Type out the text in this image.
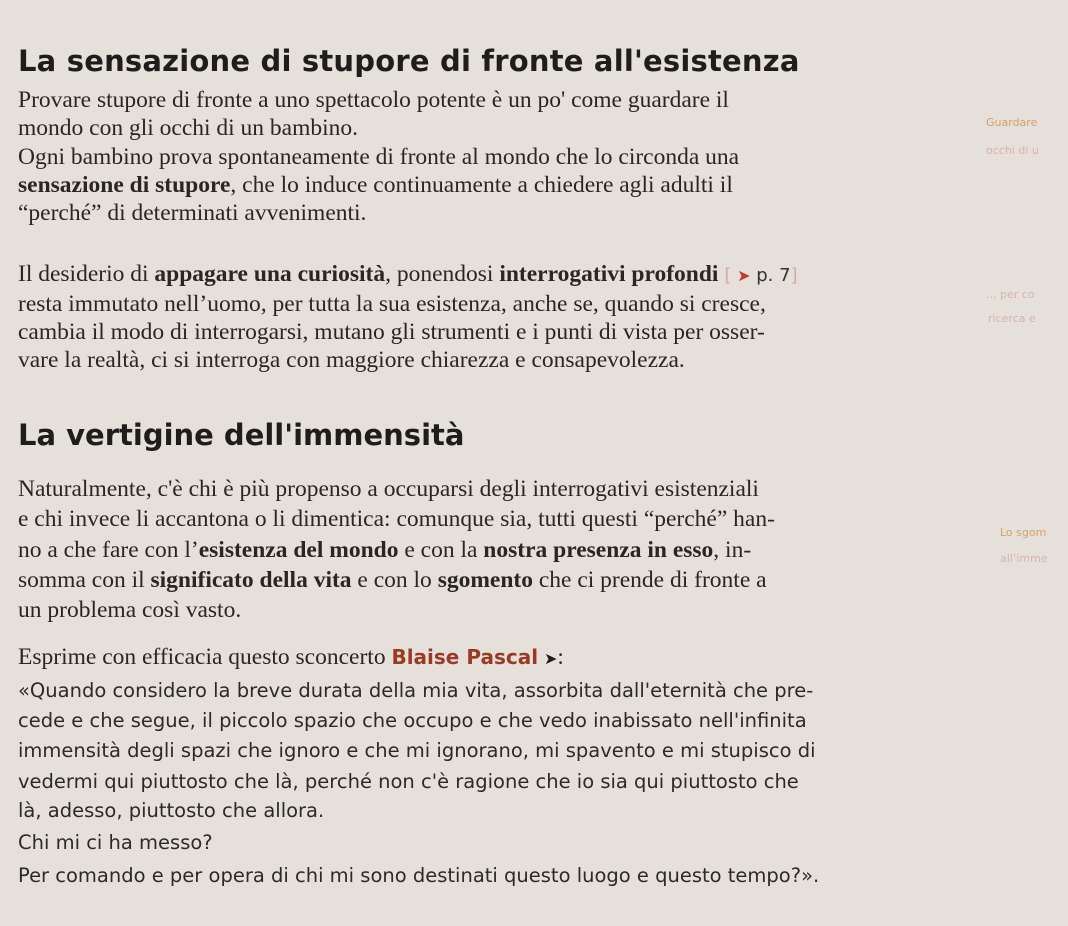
La sensazione di stupore di fronte all'esistenza
Provare stupore di fronte a uno spettacolo potente è un po' come guardare il
mondo con gli occhi di un bambino.
Ogni bambino prova spontaneamente di fronte al mondo che lo circonda una
sensazione di stupore, che lo induce continuamente a chiedere agli adulti il
“perché” di determinati avvenimenti.
Il desiderio di appagare una curiosità, ponendosi interrogativi profondi [ ➤ p. 7]
resta immutato nell’uomo, per tutta la sua esistenza, anche se, quando si cresce,
cambia il modo di interrogarsi, mutano gli strumenti e i punti di vista per osser-
vare la realtà, ci si interroga con maggiore chiarezza e consapevolezza.
La vertigine dell'immensità
Naturalmente, c'è chi è più propenso a occuparsi degli interrogativi esistenziali
e chi invece li accantona o li dimentica: comunque sia, tutti questi “perché” han-
no a che fare con l’esistenza del mondo e con la nostra presenza in esso, in-
somma con il significato della vita e con lo sgomento che ci prende di fronte a
un problema così vasto.
Esprime con efficacia questo sconcerto Blaise Pascal ➤:
«Quando considero la breve durata della mia vita, assorbita dall'eternità che pre-
cede e che segue, il piccolo spazio che occupo e che vedo inabissato nell'infinita
immensità degli spazi che ignoro e che mi ignorano, mi spavento e mi stupisco di
vedermi qui piuttosto che là, perché non c'è ragione che io sia qui piuttosto che
là, adesso, piuttosto che allora.
Chi mi ci ha messo?
Per comando e per opera di chi mi sono destinati questo luogo e questo tempo?».
Guardare
occhi di u
... per co
ricerca e
Lo sgom
all’imme
